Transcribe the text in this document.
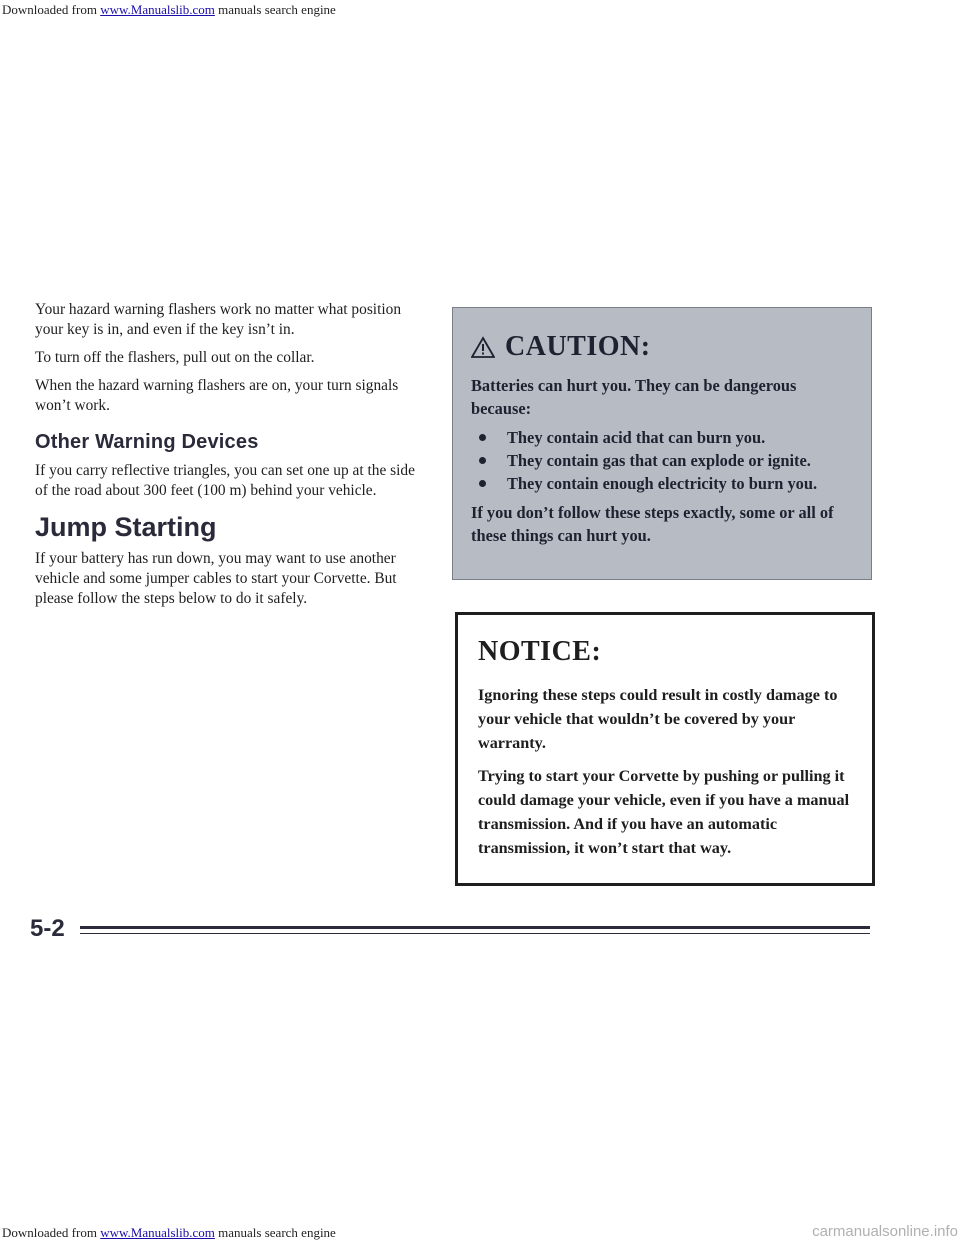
Downloaded from www.Manualslib.com manuals search engine

Your hazard warning flashers work no matter what position your key is in, and even if the key isn’t in.

To turn off the flashers, pull out on the collar.

When the hazard warning flashers are on, your turn signals won’t work.

Other Warning Devices

If you carry reflective triangles, you can set one up at the side of the road about 300 feet (100 m) behind your vehicle.

Jump Starting

If your battery has run down, you may want to use another vehicle and some jumper cables to start your Corvette. But please follow the steps below to do it safely.

CAUTION:

Batteries can hurt you. They can be dangerous because:

They contain acid that can burn you.
They contain gas that can explode or ignite.
They contain enough electricity to burn you.

If you don’t follow these steps exactly, some or all of these things can hurt you.

NOTICE:

Ignoring these steps could result in costly damage to your vehicle that wouldn’t be covered by your warranty.

Trying to start your Corvette by pushing or pulling it could damage your vehicle, even if you have a manual transmission. And if you have an automatic transmission, it won’t start that way.

5-2
Downloaded from www.Manualslib.com manuals search engine	carmanualsonline.info
